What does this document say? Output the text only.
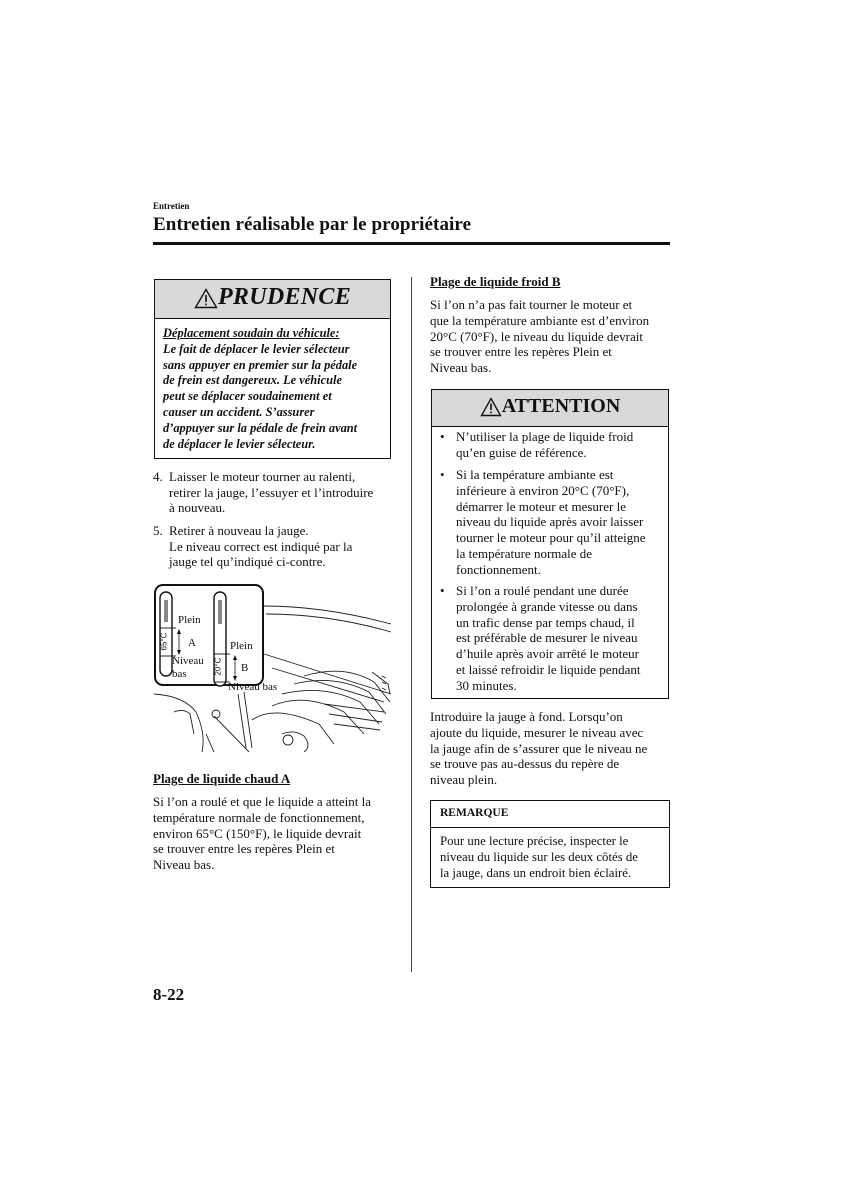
Entretien
Entretien réalisable par le propriétaire
PRUDENCE
Déplacement soudain du véhicule:
Le fait de déplacer le levier sélecteur
sans appuyer en premier sur la pédale
de frein est dangereux. Le véhicule
peut se déplacer soudainement et
causer un accident. S’assurer
d’appuyer sur la pédale de frein avant
de déplacer le levier sélecteur.
4. Laisser le moteur tourner au ralenti,
retirer la jauge, l’essuyer et l’introduire
à nouveau.
5. Retirer à nouveau la jauge.
Le niveau correct est indiqué par la
jauge tel qu’indiqué ci-contre.
65°C
20°C
Plein
A
Niveau
bas
Plein
B
Niveau bas
Plage de liquide chaud A
Si l’on a roulé et que le liquide a atteint la
température normale de fonctionnement,
environ 65°C (150°F), le liquide devrait
se trouver entre les repères Plein et
Niveau bas.
Plage de liquide froid B
Si l’on n’a pas fait tourner le moteur et
que la température ambiante est d’environ
20°C (70°F), le niveau du liquide devrait
se trouver entre les repères Plein et
Niveau bas.
ATTENTION
• N’utiliser la plage de liquide froid
qu’en guise de référence.
• Si la température ambiante est
inférieure à environ 20°C (70°F),
démarrer le moteur et mesurer le
niveau du liquide après avoir laisser
tourner le moteur pour qu’il atteigne
la température normale de
fonctionnement.
• Si l’on a roulé pendant une durée
prolongée à grande vitesse ou dans
un trafic dense par temps chaud, il
est préférable de mesurer le niveau
d’huile après avoir arrêté le moteur
et laissé refroidir le liquide pendant
30 minutes.
Introduire la jauge à fond. Lorsqu’on
ajoute du liquide, mesurer le niveau avec
la jauge afin de s’assurer que le niveau ne
se trouve pas au-dessus du repère de
niveau plein.
REMARQUE
Pour une lecture précise, inspecter le
niveau du liquide sur les deux côtés de
la jauge, dans un endroit bien éclairé.
8-22
